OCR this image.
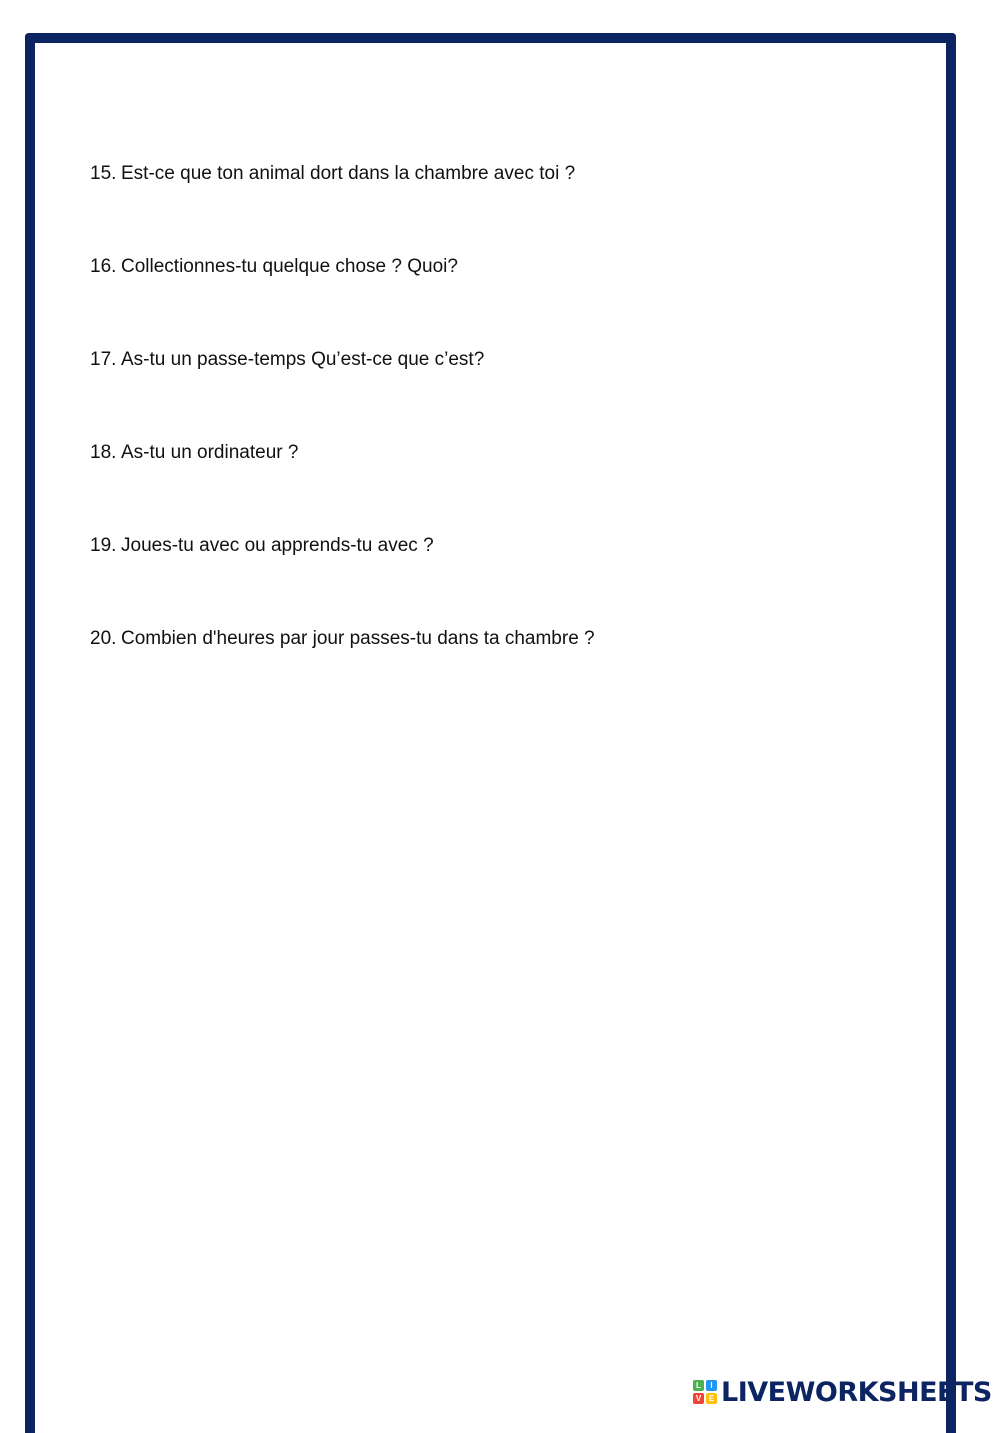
15. Est-ce que ton animal dort dans la chambre avec toi ?
16. Collectionnes-tu quelque chose ? Quoi?
17. As-tu un passe-temps Qu’est-ce que c’est?
18. As-tu un ordinateur ?
19. Joues-tu avec ou apprends-tu avec ?
20. Combien d'heures par jour passes-tu dans ta chambre ?
L	I
V E LIVEWORKSHEETS
